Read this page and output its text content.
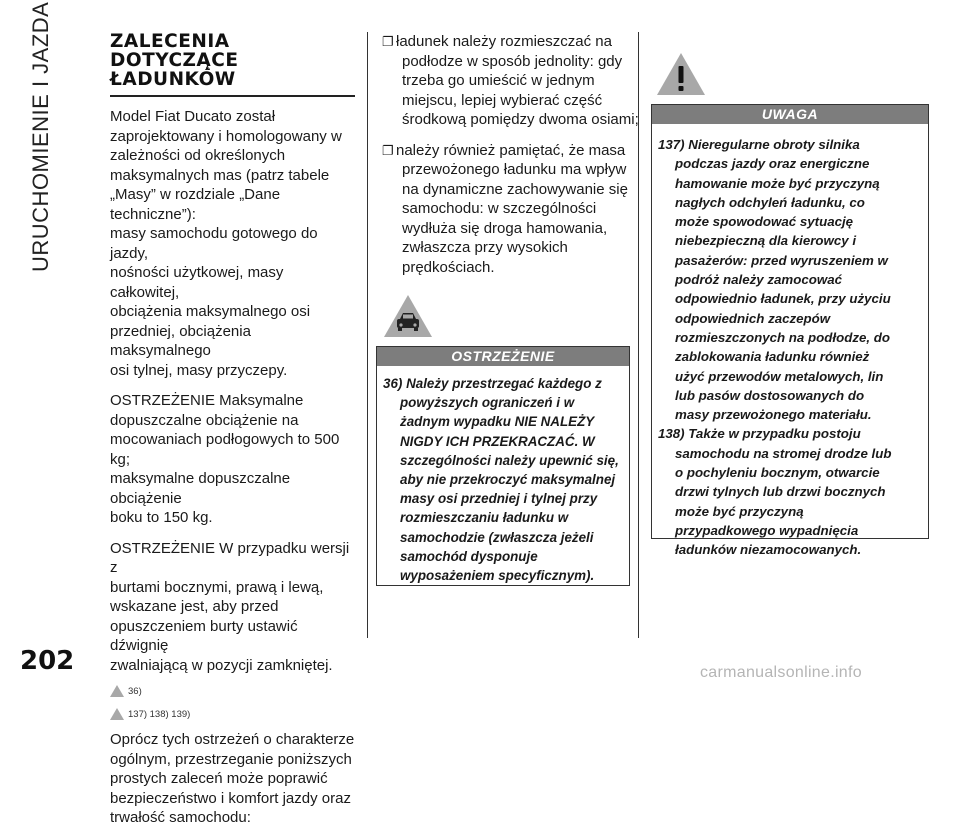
URUCHOMIENIE I JAZDA	ZALECENIA
DOTYCZĄCE
ŁADUNKÓW
Model Fiat Ducato został
zaprojektowany i homologowany w
zależności od określonych
maksymalnych mas (patrz tabele
„Masy” w rozdziale „Dane techniczne”):
masy samochodu gotowego do jazdy,
nośności użytkowej, masy całkowitej,
obciążenia maksymalnego osi
przedniej, obciążenia maksymalnego
osi tylnej, masy przyczepy.
OSTRZEŻENIE Maksymalne
dopuszczalne obciążenie na
mocowaniach podłogowych to 500 kg;
maksymalne dopuszczalne obciążenie
boku to 150 kg.
OSTRZEŻENIE W przypadku wersji z
burtami bocznymi, prawą i lewą,
wskazane jest, aby przed
opuszczeniem burty ustawić dźwignię
zwalniającą w pozycji zamkniętej.
36)
137) 138) 139)
Oprócz tych ostrzeżeń o charakterze
ogólnym, przestrzeganie poniższych
prostych zaleceń może poprawić
bezpieczeństwo i komfort jazdy oraz
trwałość samochodu:
❐ ładunek należy rozmieszczać na
podłodze w sposób jednolity: gdy
trzeba go umieścić w jednym
miejscu, lepiej wybierać część
środkową pomiędzy dwoma osiami;
❐ należy również pamiętać, że masa
przewożonego ładunku ma wpływ
na dynamiczne zachowywanie się
samochodu: w szczególności
wydłuża się droga hamowania,
zwłaszcza przy wysokich
prędkościach.
OSTRZEŻENIE
36) Należy przestrzegać każdego z
powyższych ograniczeń i w
żadnym wypadku NIE NALEŻY
NIGDY ICH PRZEKRACZAĆ. W
szczególności należy upewnić się,
aby nie przekroczyć maksymalnej
masy osi przedniej i tylnej przy
rozmieszczaniu ładunku w
samochodzie (zwłaszcza jeżeli
samochód dysponuje
wyposażeniem specyficznym).
UWAGA
137) Nieregularne obroty silnika
podczas jazdy oraz energiczne
hamowanie może być przyczyną
nagłych odchyleń ładunku, co
może spowodować sytuację
niebezpieczną dla kierowcy i
pasażerów: przed wyruszeniem w
podróż należy zamocować
odpowiednio ładunek, przy użyciu
odpowiednich zaczepów
rozmieszczonych na podłodze, do
zablokowania ładunku również
użyć przewodów metalowych, lin
lub pasów dostosowanych do
masy przewożonego materiału.
138) Także w przypadku postoju
samochodu na stromej drodze lub
o pochyleniu bocznym, otwarcie
drzwi tylnych lub drzwi bocznych
może być przyczyną
przypadkowego wypadnięcia
ładunków niezamocowanych.
202	carmanualsonline.info
